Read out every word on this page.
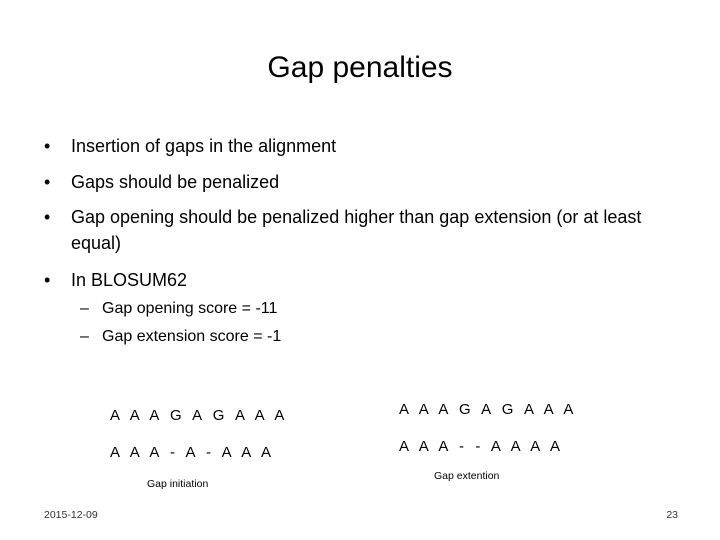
Gap penalties
• Insertion of gaps in the alignment
• Gaps should be penalized
• Gap opening should be penalized higher than gap extension (or at least equal)
• In BLOSUM62
– Gap opening score = -11
– Gap extension score = -1
A A A G A G A A A
A A A - A - A A A
Gap initiation
A A A G A G A A A
A A A - - A A A A
Gap extention
2015-12-09	23
